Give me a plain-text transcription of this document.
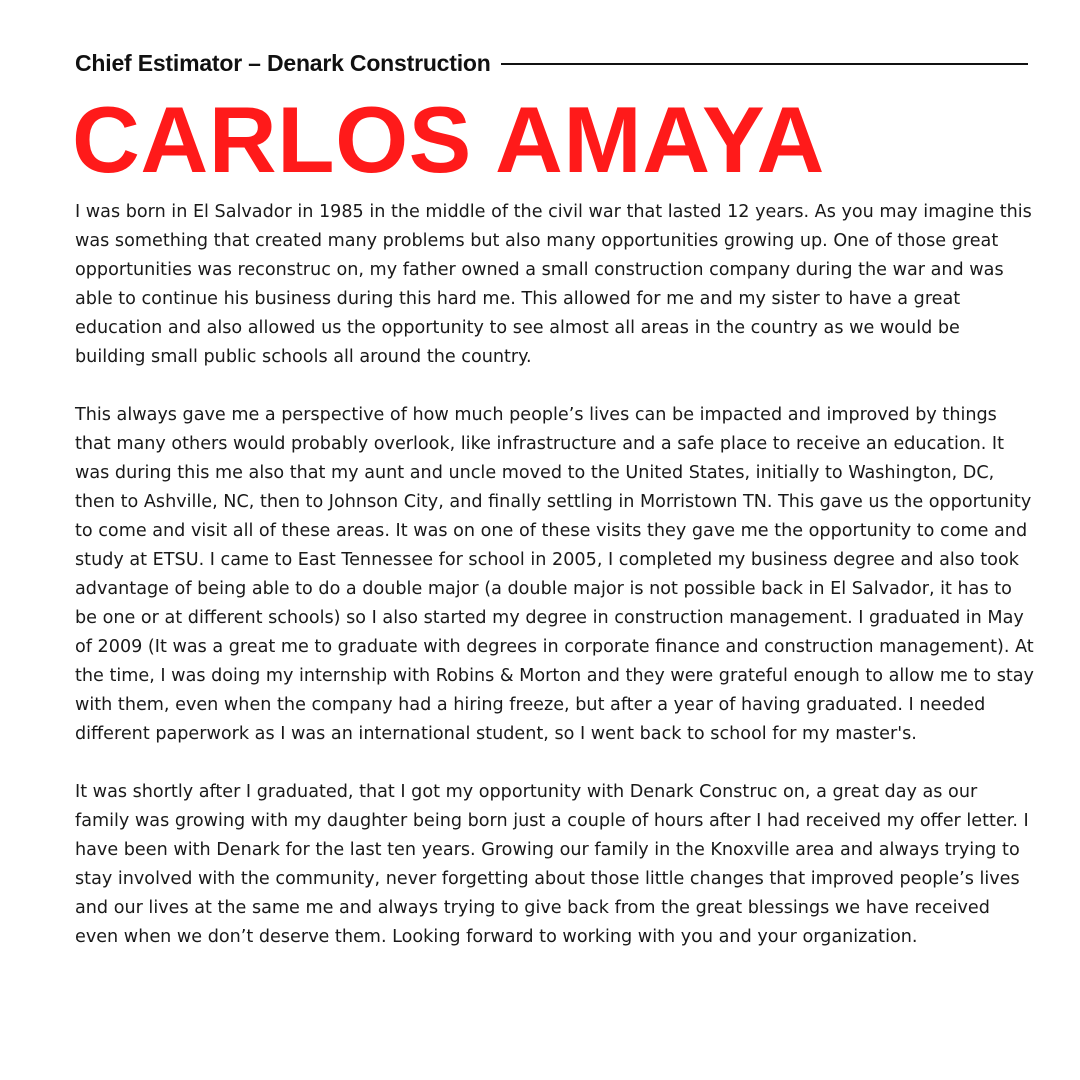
Chief Estimator – Denark Construction
CARLOS AMAYA

I was born in El Salvador in 1985 in the middle of the civil war that lasted 12 years. As you may imagine this was something that created many problems but also many opportunities growing up. One of those great opportunities was reconstruc on, my father owned a small construction company during the war and was able to continue his business during this hard me. This allowed for me and my sister to have a great education and also allowed us the opportunity to see almost all areas in the country as we would be building small public schools all around the country.

This always gave me a perspective of how much people’s lives can be impacted and improved by things that many others would probably overlook, like infrastructure and a safe place to receive an education. It was during this me also that my aunt and uncle moved to the United States, initially to Washington, DC, then to Ashville, NC, then to Johnson City, and finally settling in Morristown TN. This gave us the opportunity to come and visit all of these areas. It was on one of these visits they gave me the opportunity to come and study at ETSU. I came to East Tennessee for school in 2005, I completed my business degree and also took advantage of being able to do a double major (a double major is not possible back in El Salvador, it has to be one or at different schools) so I also started my degree in construction management. I graduated in May of 2009 (It was a great me to graduate with degrees in corporate finance and construction management). At the time, I was doing my internship with Robins & Morton and they were grateful enough to allow me to stay with them, even when the company had a hiring freeze, but after a year of having graduated. I needed different paperwork as I was an international student, so I went back to school for my master's.

It was shortly after I graduated, that I got my opportunity with Denark Construc on, a great day as our family was growing with my daughter being born just a couple of hours after I had received my offer letter. I have been with Denark for the last ten years. Growing our family in the Knoxville area and always trying to stay involved with the community, never forgetting about those little changes that improved people’s lives and our lives at the same me and always trying to give back from the great blessings we have received even when we don’t deserve them. Looking forward to working with you and your organization.
